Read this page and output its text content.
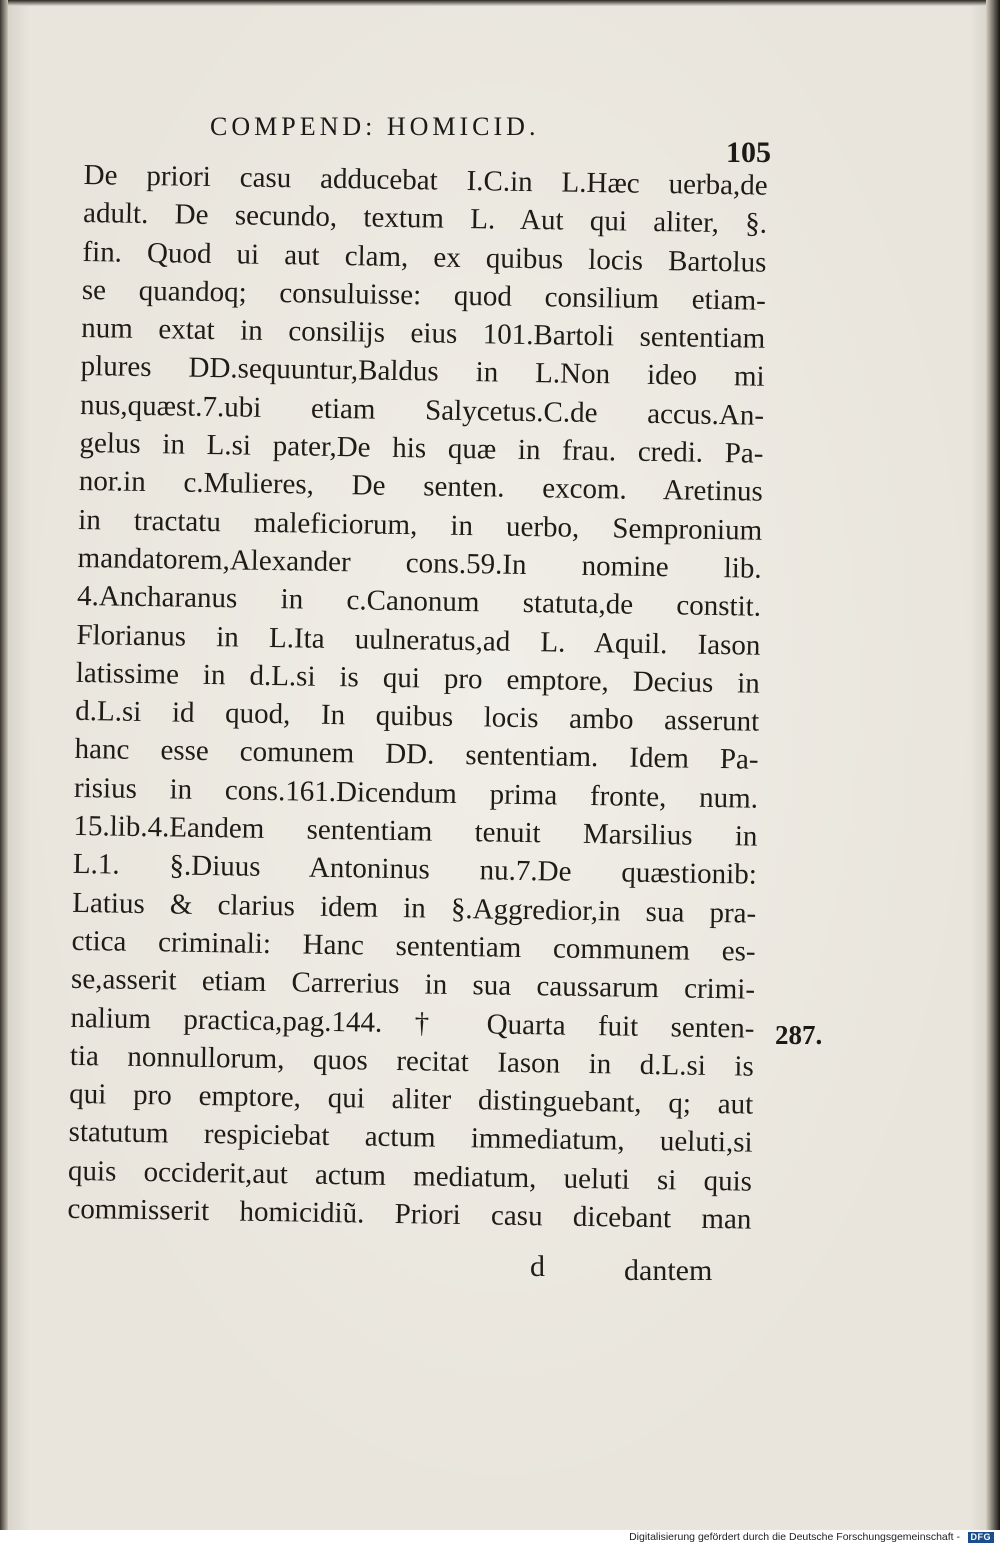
COMPEND: HOMICID.
105
De priori casu adducebat I.C.in L.Hæc uerba,de
adult. De secundo, textum L. Aut qui aliter, §.
fin. Quod ui aut clam, ex quibus locis Bartolus
se quandoq; consuluisse: quod consilium etiam-
num extat in consilijs eius 101.Bartoli sententiam
plures DD.sequuntur,Baldus in L.Non ideo mi
nus,quæst.7.ubi etiam Salycetus.C.de accus.An-
gelus in L.si pater,De his quæ in frau. credi. Pa-
nor.in c.Mulieres, De senten. excom. Aretinus
in tractatu maleficiorum, in uerbo, Sempronium
mandatorem,Alexander cons.59.In nomine lib.
4.Ancharanus in c.Canonum statuta,de constit.
Florianus in L.Ita uulneratus,ad L. Aquil. Iason
latissime in d.L.si is qui pro emptore, Decius in
d.L.si id quod, In quibus locis ambo asserunt
hanc esse comunem DD. sententiam. Idem Pa-
risius in cons.161.Dicendum prima fronte, num.
15.lib.4.Eandem sententiam tenuit Marsilius in
L.1. §.Diuus Antoninus nu.7.De quæstionib:
Latius & clarius idem in §.Aggredior,in sua pra-
ctica criminali: Hanc sententiam communem es-
se,asserit etiam Carrerius in sua caussarum crimi-
nalium practica,pag.144. † Quarta fuit senten-
tia nonnullorum, quos recitat Iason in d.L.si is
qui pro emptore, qui aliter distinguebant, q; aut
statutum respiciebat actum immediatum, ueluti,si
quis occiderit,aut actum mediatum, ueluti si quis
commisserit homicidiũ. Priori casu dicebant man
287.
d	dantem
Digitalisierung gefördert durch die Deutsche Forschungsgemeinschaft -	DFG
